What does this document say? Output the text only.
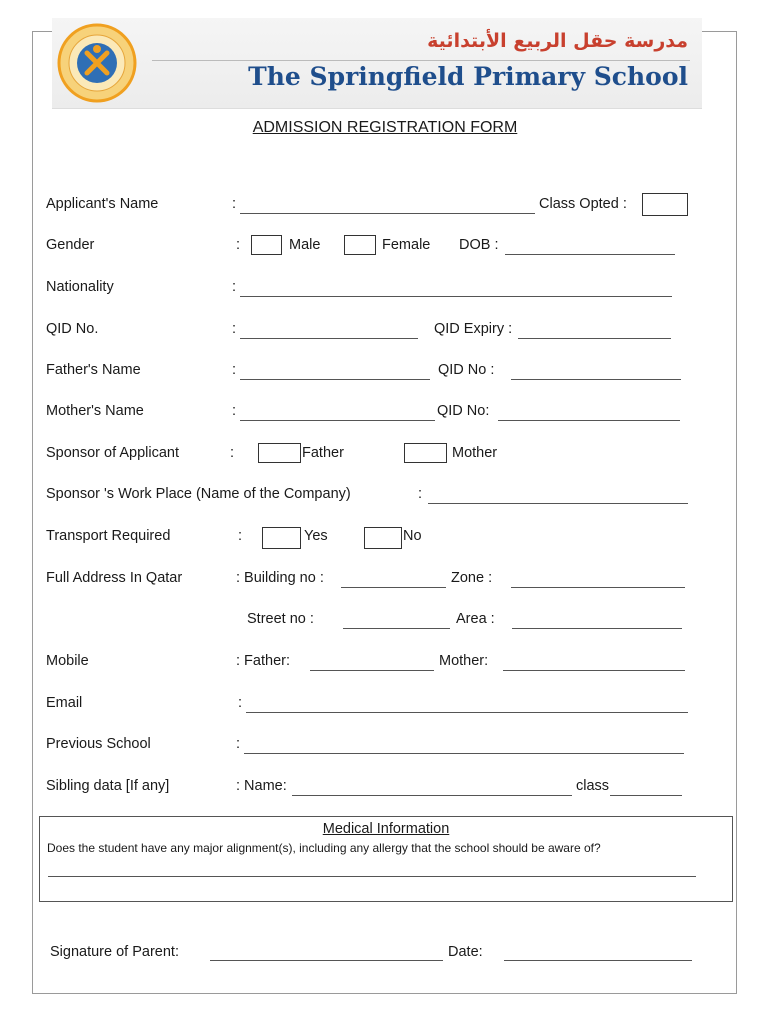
مدرسة حقل الربيع الأبتدائية
The Springfield Primary School
ADMISSION REGISTRATION FORM
Applicant's Name	:	Class Opted :
Gender	:	Male	Female DOB :
Nationality	:
QID No.	:	QID Expiry :
Father's Name	:	QID No :
Mother's Name	:	QID No:
Sponsor of Applicant	:	Father	Mother
Sponsor 's Work Place (Name of the Company)	:
Transport Required	:	Yes	No
Full Address In Qatar	: Building no :	Zone :
Street no :	Area :
Mobile	: Father:	Mother:
Email	:
Previous School	:
Sibling data [If any]	: Name:	class
Medical Information
Does the student have any major alignment(s), including any allergy that the school should be aware of?
Signature of Parent:	Date:
